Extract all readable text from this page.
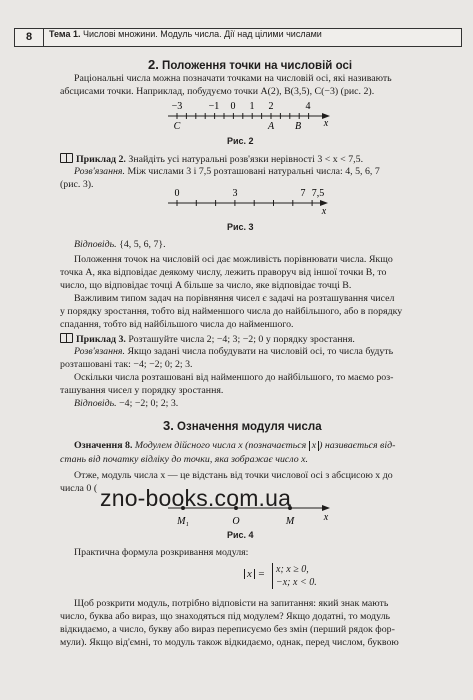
8	Тема 1. Числові множини. Модуль числа. Дії над цілими числами
2. Положення точки на числовій осі
Раціональні числа можна позначати точками на числовій осі, які називають
абсцисами точки. Наприклад, побудуємо точки A(2), B(3,5), C(−3) (рис. 2).
−3	−1 0 1 2	4
C	A B x
0	3	7 7,5
x
M₁	O	M	x
Рис. 2
Приклад 2. Знайдіть усі натуральні розв'язки нерівності 3 < x < 7,5.
Розв'язання. Між числами 3 і 7,5 розташовані натуральні числа: 4, 5, 6, 7
(рис. 3).
Рис. 3
Відповідь. {4, 5, 6, 7}.
Положення точок на числовій осі дає можливість порівнювати числа. Якщо
точка A, яка відповідає деякому числу, лежить праворуч від іншої точки B, то
число, що відповідає точці A більше за число, яке відповідає точці B.
Важливим типом задач на порівняння чисел є задачі на розташування чисел
у порядку зростання, тобто від найменшого числа до найбільшого, або в порядку
спадання, тобто від найбільшого числа до найменшого.
Приклад 3. Розташуйте числа 2; −4; 3; −2; 0 у порядку зростання.
Розв'язання. Якщо задані числа побудувати на числовій осі, то числа будуть
розташовані так: −4; −2; 0; 2; 3.
Оскільки числа розташовані від найменшого до найбільшого, то маємо роз-
ташування чисел у порядку зростання.
Відповідь. −4; −2; 0; 2; 3.
3. Означення модуля числа
Означення 8. Модулем дійсного числа x (позначається x ) називається від-
стань від початку відліку до точки, яка зображає число x.
Отже, модуль числа x — це відстань від точки числової осі з абсцисою x до
числа 0 ( zno-books.com.ua
Рис. 4
Практична формула розкривання модуля:
x = x; x ≥ 0,
−x; x < 0.
Щоб розкрити модуль, потрібно відповісти на запитання: який знак мають
число, буква або вираз, що знаходяться під модулем? Якщо додатні, то модуль
відкидаємо, а число, букву або вираз переписуємо без змін (перший рядок фор-
мули). Якщо від'ємні, то модуль також відкидаємо, однак, перед числом, буквою
